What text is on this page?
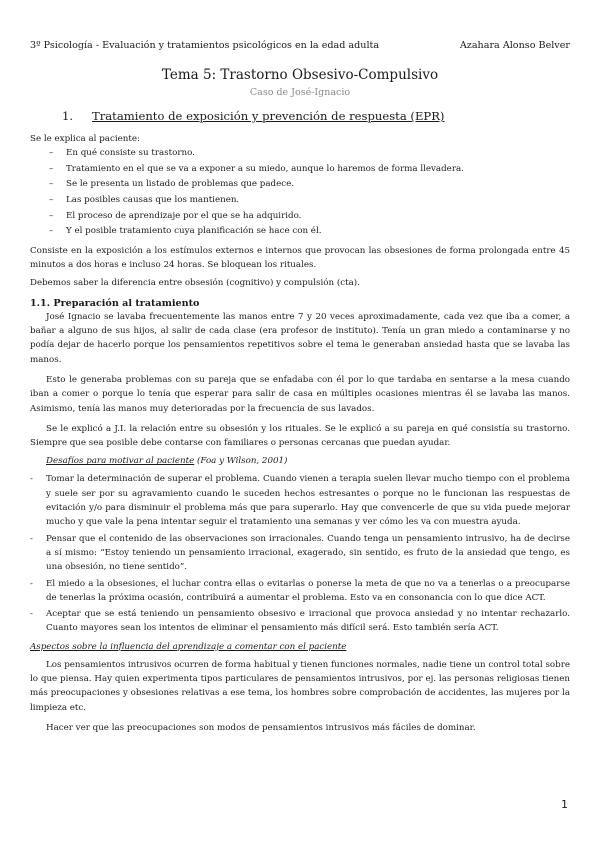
3º Psicología - Evaluación y tratamientos psicológicos en la edad adulta	Azahara Alonso Belver
Tema 5: Trastorno Obsesivo-Compulsivo
Caso de José-Ignacio
1.	Tratamiento de exposición y prevención de respuesta (EPR)

Se le explica al paciente:

–	En qué consiste su trastorno.
–	Tratamiento en el que se va a exponer a su miedo, aunque lo haremos de forma llevadera.
–	Se le presenta un listado de problemas que padece.
–	Las posibles causas que los mantienen.
–	El proceso de aprendizaje por el que se ha adquirido.
–	Y el posible tratamiento cuya planificación se hace con él.

Consiste en la exposición a los estímulos externos e internos que provocan las obsesiones de forma prolongada entre 45 minutos a dos horas e incluso 24 horas. Se bloquean los rituales.

Debemos saber la diferencia entre obsesión (cognitivo) y compulsión (cta).

1.1. Preparación al tratamiento

José Ignacio se lavaba frecuentemente las manos entre 7 y 20 veces aproximadamente, cada vez que iba a comer, a bañar a alguno de sus hijos, al salir de cada clase (era profesor de instituto). Tenía un gran miedo a contaminarse y no podía dejar de hacerlo porque los pensamientos repetitivos sobre el tema le generaban ansiedad hasta que se lavaba las manos.

Esto le generaba problemas con su pareja que se enfadaba con él por lo que tardaba en sentarse a la mesa cuando iban a comer o porque lo tenía que esperar para salir de casa en múltiples ocasiones mientras él se lavaba las manos. Asimismo, tenía las manos muy deterioradas por la frecuencia de sus lavados.

Se le explicó a J.I. la relación entre su obsesión y los rituales. Se le explicó a su pareja en qué consistía su trastorno. Siempre que sea posible debe contarse con familiares o personas cercanas que puedan ayudar.

Desafíos para motivar al paciente (Foa y Wilson, 2001)
-	Tomar la determinación de superar el problema. Cuando vienen a terapia suelen llevar mucho tiempo con el problema y suele ser por su agravamiento cuando le suceden hechos estresantes o porque no le funcionan las respuestas de evitación y/o para disminuir el problema más que para superarlo. Hay que convencerle de que su vida puede mejorar mucho y que vale la pena intentar seguir el tratamiento una semanas y ver cómo les va con muestra ayuda.
-	Pensar que el contenido de las observaciones son irracionales. Cuando tenga un pensamiento intrusivo, ha de decirse a sí mismo: “Estoy teniendo un pensamiento irracional, exagerado, sin sentido, es fruto de la ansiedad que tengo, es una obsesión, no tiene sentido”.
-	El miedo a la obsesiones, el luchar contra ellas o evitarlas o ponerse la meta de que no va a tenerlas o a preocuparse de tenerlas la próxima ocasión, contribuirá a aumentar el problema. Esto va en consonancia con lo que dice ACT.
-	Aceptar que se está teniendo un pensamiento obsesivo e irracional que provoca ansiedad y no intentar rechazarlo. Cuanto mayores sean los intentos de eliminar el pensamiento más difícil será. Esto también sería ACT.
Aspectos sobre la influencia del aprendizaje a comentar con el paciente

Los pensamientos intrusivos ocurren de forma habitual y tienen funciones normales, nadie tiene un control total sobre lo que piensa. Hay quien experimenta tipos particulares de pensamientos intrusivos, por ej. las personas religiosas tienen más preocupaciones y obsesiones relativas a ese tema, los hombres sobre comprobación de accidentes, las mujeres por la limpieza etc.

Hacer ver que las preocupaciones son modos de pensamientos intrusivos más fáciles de dominar.

1
